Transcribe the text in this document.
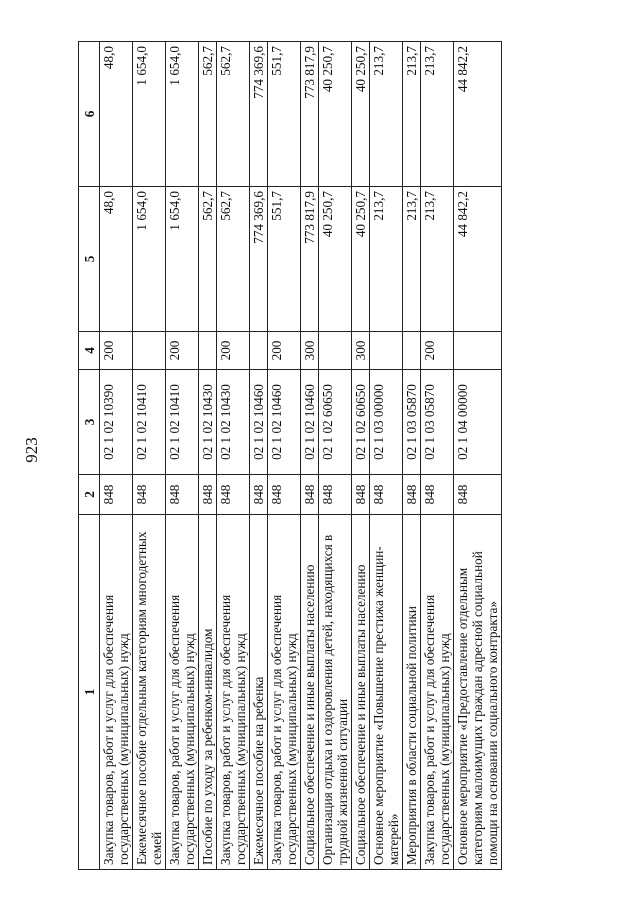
923
1	2	3	4	5	6
Закупка товаров, работ и услуг для обеспечения государственных (муниципальных) нужд	848	02 1 02 10390	200	48,0	48,0
Ежемесячное пособие отдельным категориям многодетных семей	848	02 1 02 10410		1 654,0	1 654,0
Закупка товаров, работ и услуг для обеспечения государственных (муниципальных) нужд	848	02 1 02 10410	200	1 654,0	1 654,0
Пособие по уходу за ребенком-инвалидом	848	02 1 02 10430		562,7	562,7
Закупка товаров, работ и услуг для обеспечения государственных (муниципальных) нужд	848	02 1 02 10430	200	562,7	562,7
Ежемесячное пособие на ребенка	848	02 1 02 10460		774 369,6	774 369,6
Закупка товаров, работ и услуг для обеспечения государственных (муниципальных) нужд	848	02 1 02 10460	200	551,7	551,7
Социальное обеспечение и иные выплаты населению	848	02 1 02 10460	300	773 817,9	773 817,9
Организация отдыха и оздоровления детей, находящихся в трудной жизненной ситуации	848	02 1 02 60650		40 250,7	40 250,7
Социальное обеспечение и иные выплаты населению	848	02 1 02 60650	300	40 250,7	40 250,7
Основное мероприятие «Повышение престижа женщин-матерей»	848	02 1 03 00000		213,7	213,7
Мероприятия в области социальной политики	848	02 1 03 05870		213,7	213,7
Закупка товаров, работ и услуг для обеспечения государственных (муниципальных) нужд	848	02 1 03 05870	200	213,7	213,7
Основное мероприятие «Предоставление отдельным категориям малоимущих граждан адресной социальной помощи на основании социального контракта»	848	02 1 04 00000		44 842,2	44 842,2
